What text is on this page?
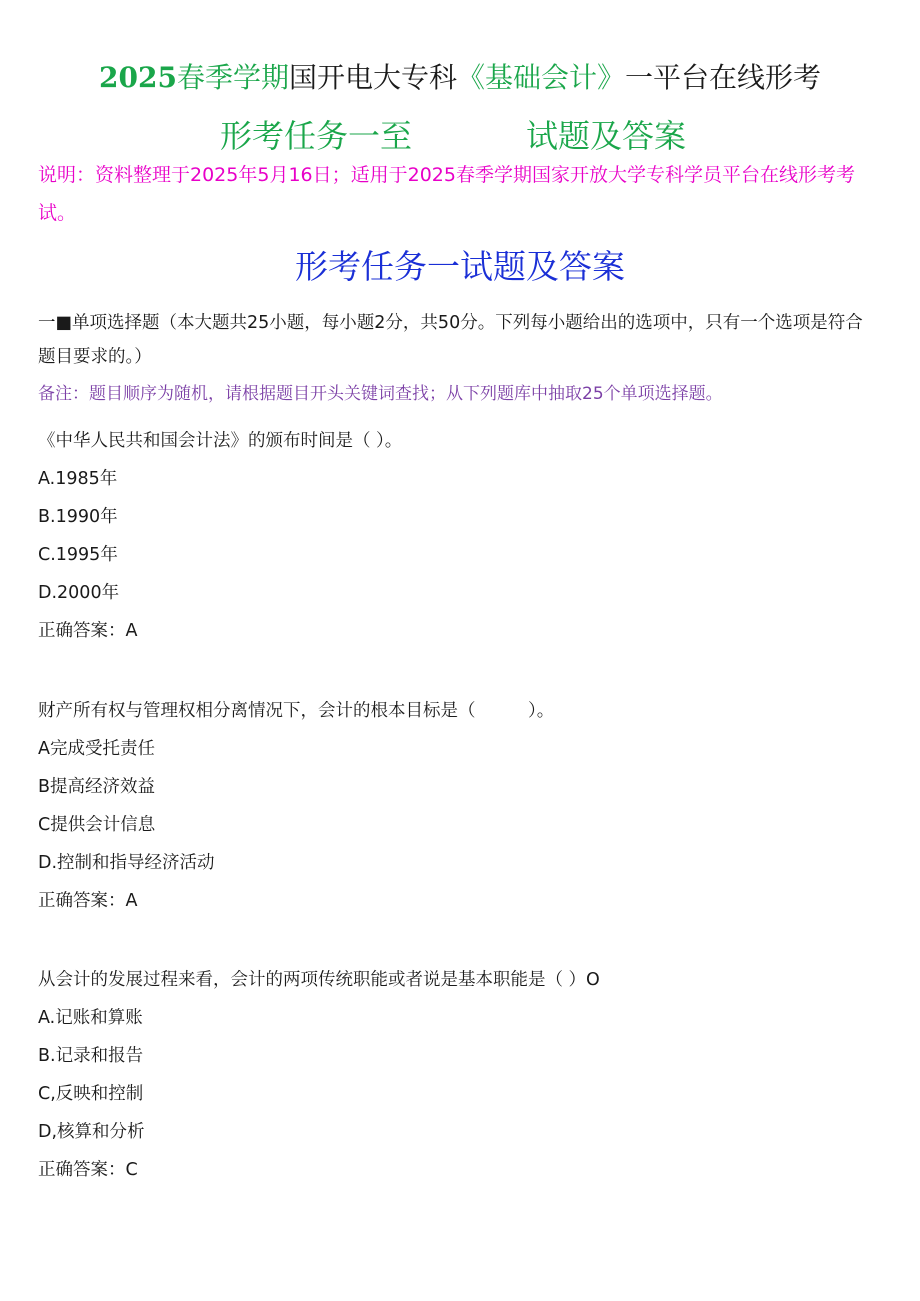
2025春季学期国开电大专科《基础会计》一平台在线形考
形考任务一至	试题及答案
说明：资料整理于2025年5月16日；适用于2025春季学期国家开放大学专科学员平台在线形考考试。
形考任务一试题及答案
一■单项选择题（本大题共25小题，每小题2分，共50分。下列每小题给出的选项中，只有一个选项是符合题目要求的。）
备注：题目顺序为随机，请根据题目开头关键词查找；从下列题库中抽取25个单项选择题。
《中华人民共和国会计法》的颁布时间是（ ）。
A.1985年
B.1990年
C.1995年
D.2000年
正确答案：A
财产所有权与管理权相分离情况下，会计的根本目标是（　　　）。
A完成受托责任
B提高经济效益
C提供会计信息
D.控制和指导经济活动
正确答案：A
从会计的发展过程来看，会计的两项传统职能或者说是基本职能是（ ）O
A.记账和算账
B.记录和报告
C,反映和控制
D,核算和分析
正确答案：C
